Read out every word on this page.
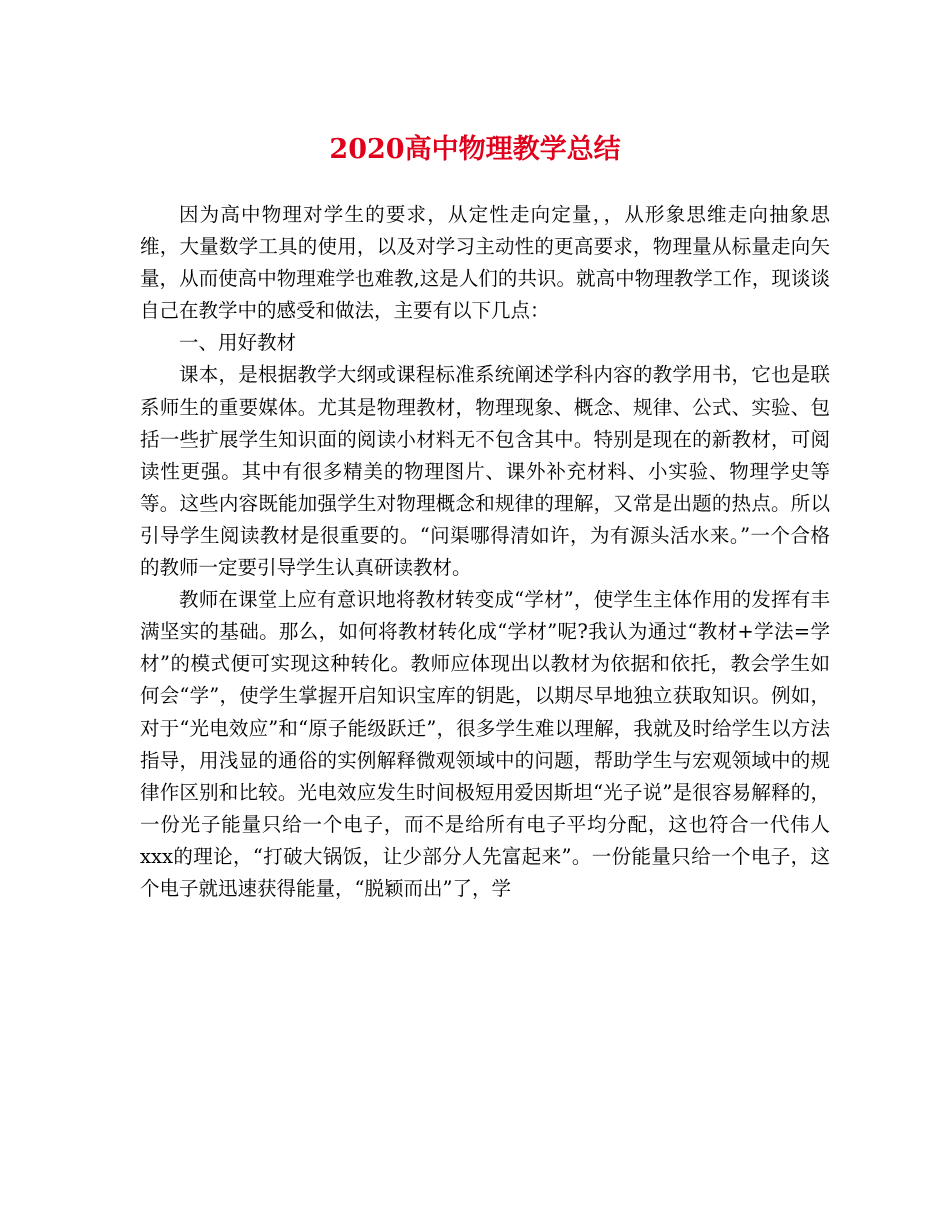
2020高中物理教学总结

因为高中物理对学生的要求，从定性走向定量，，从形象思维走向抽象思维，大量数学工具的使用，以及对学习主动性的更高要求，物理量从标量走向矢量，从而使高中物理难学也难教,这是人们的共识。就高中物理教学工作，现谈谈自己在教学中的感受和做法，主要有以下几点：

一、用好教材

课本，是根据教学大纲或课程标准系统阐述学科内容的教学用书，它也是联系师生的重要媒体。尤其是物理教材，物理现象、概念、规律、公式、实验、包括一些扩展学生知识面的阅读小材料无不包含其中。特别是现在的新教材，可阅读性更强。其中有很多精美的物理图片、课外补充材料、小实验、物理学史等等。这些内容既能加强学生对物理概念和规律的理解，又常是出题的热点。所以引导学生阅读教材是很重要的。“问渠哪得清如许，为有源头活水来。”一个合格的教师一定要引导学生认真研读教材。

教师在课堂上应有意识地将教材转变成“学材”，使学生主体作用的发挥有丰满坚实的基础。那么，如何将教材转化成“学材”呢?我认为通过“教材+学法=学材”的模式便可实现这种转化。教师应体现出以教材为依据和依托，教会学生如何会“学”，使学生掌握开启知识宝库的钥匙，以期尽早地独立获取知识。例如，对于“光电效应”和“原子能级跃迁”，很多学生难以理解，我就及时给学生以方法指导，用浅显的通俗的实例解释微观领域中的问题，帮助学生与宏观领域中的规律作区别和比较。光电效应发生时间极短用爱因斯坦“光子说”是很容易解释的，一份光子能量只给一个电子，而不是给所有电子平均分配，这也符合一代伟人xxx的理论，“打破大锅饭，让少部分人先富起来”。一份能量只给一个电子，这个电子就迅速获得能量，“脱颖而出”了，学
